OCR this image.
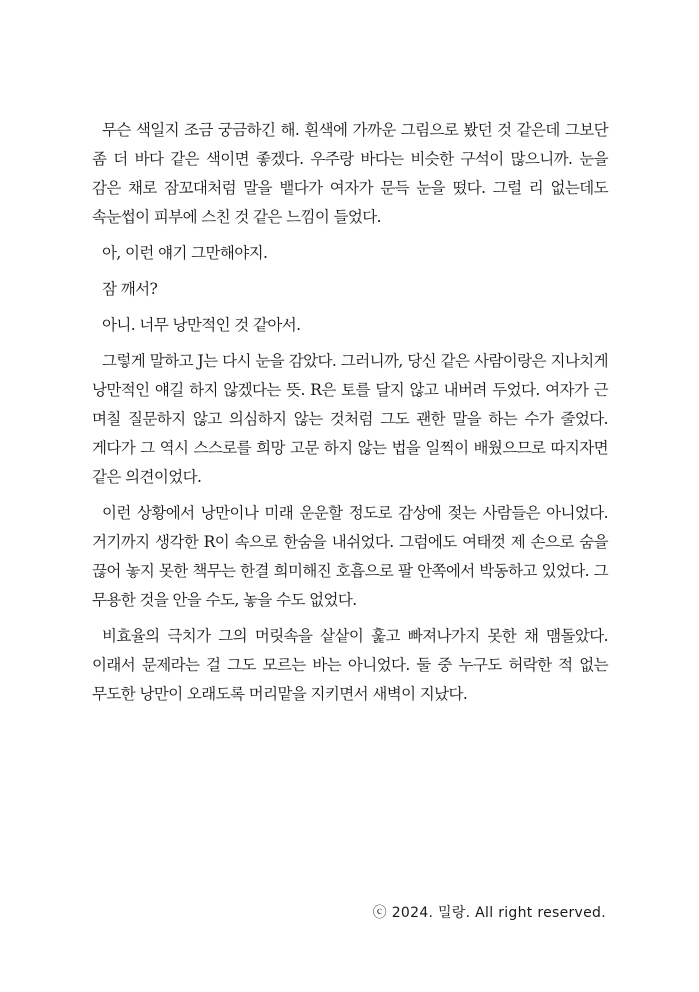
무슨 색일지 조금 궁금하긴 해. 흰색에 가까운 그림으로 봤던 것 같은데 그보단 좀 더 바다 같은 색이면 좋겠다. 우주랑 바다는 비슷한 구석이 많으니까. 눈을 감은 채로 잠꼬대처럼 말을 뱉다가 여자가 문득 눈을 떴다. 그럴 리 없는데도 속눈썹이 피부에 스친 것 같은 느낌이 들었다.

아, 이런 얘기 그만해야지.

잠 깨서?

아니. 너무 낭만적인 것 같아서.

그렇게 말하고 J는 다시 눈을 감았다. 그러니까, 당신 같은 사람이랑은 지나치게 낭만적인 얘길 하지 않겠다는 뜻. R은 토를 달지 않고 내버려 두었다. 여자가 근 며칠 질문하지 않고 의심하지 않는 것처럼 그도 괜한 말을 하는 수가 줄었다. 게다가 그 역시 스스로를 희망 고문 하지 않는 법을 일찍이 배웠으므로 따지자면 같은 의견이었다.

이런 상황에서 낭만이나 미래 운운할 정도로 감상에 젖는 사람들은 아니었다. 거기까지 생각한 R이 속으로 한숨을 내쉬었다. 그럼에도 여태껏 제 손으로 숨을 끊어 놓지 못한 책무는 한결 희미해진 호흡으로 팔 안쪽에서 박동하고 있었다. 그 무용한 것을 안을 수도, 놓을 수도 없었다.

비효율의 극치가 그의 머릿속을 샅샅이 훑고 빠져나가지 못한 채 맴돌았다. 이래서 문제라는 걸 그도 모르는 바는 아니었다. 둘 중 누구도 허락한 적 없는 무도한 낭만이 오래도록 머리맡을 지키면서 새벽이 지났다.

ⓒ 2024. 밀랑. All right reserved.
